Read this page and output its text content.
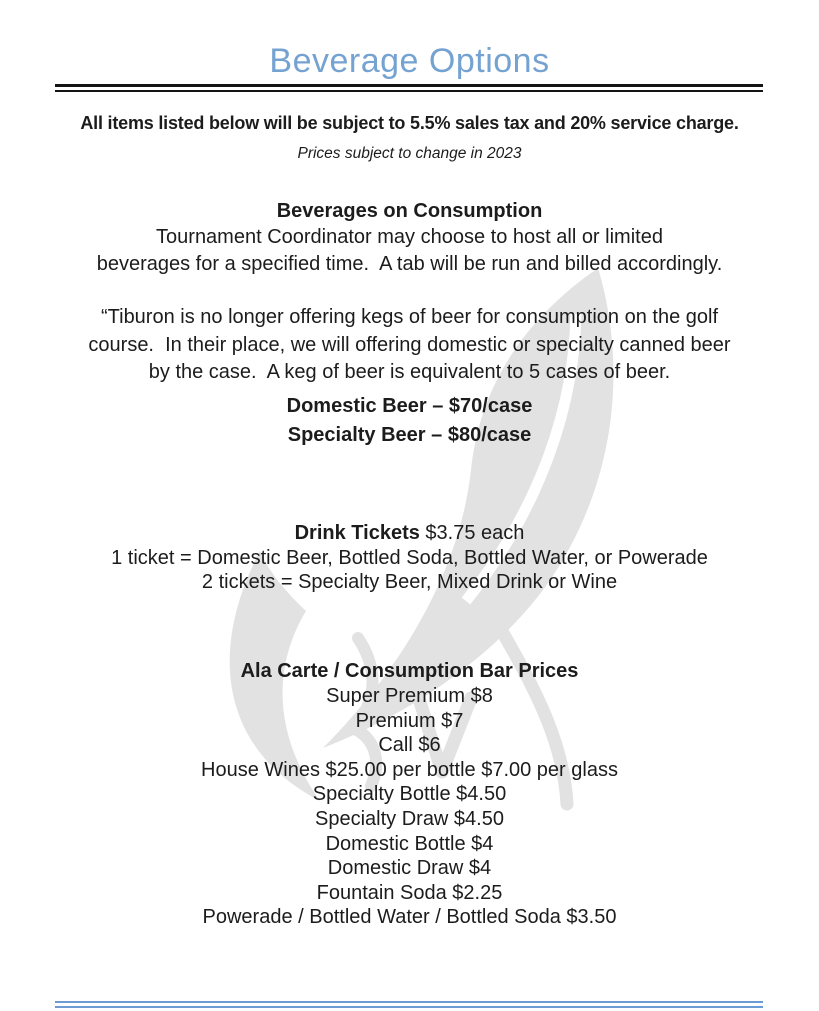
Beverage Options
All items listed below will be subject to 5.5% sales tax and 20% service charge.
Prices subject to change in 2023
Beverages on Consumption
Tournament Coordinator may choose to host all or limited
beverages for a specified time.  A tab will be run and billed accordingly.
“Tiburon is no longer offering kegs of beer for consumption on the golf
course.  In their place, we will offering domestic or specialty canned beer
by the case.  A keg of beer is equivalent to 5 cases of beer.
Domestic Beer – $70/case
Specialty Beer – $80/case
Drink Tickets $3.75 each
1 ticket = Domestic Beer, Bottled Soda, Bottled Water, or Powerade
2 tickets = Specialty Beer, Mixed Drink or Wine
Ala Carte / Consumption Bar Prices
Super Premium $8
Premium $7
Call $6
House Wines $25.00 per bottle $7.00 per glass
Specialty Bottle $4.50
Specialty Draw $4.50
Domestic Bottle $4
Domestic Draw $4
Fountain Soda $2.25
Powerade / Bottled Water / Bottled Soda $3.50
